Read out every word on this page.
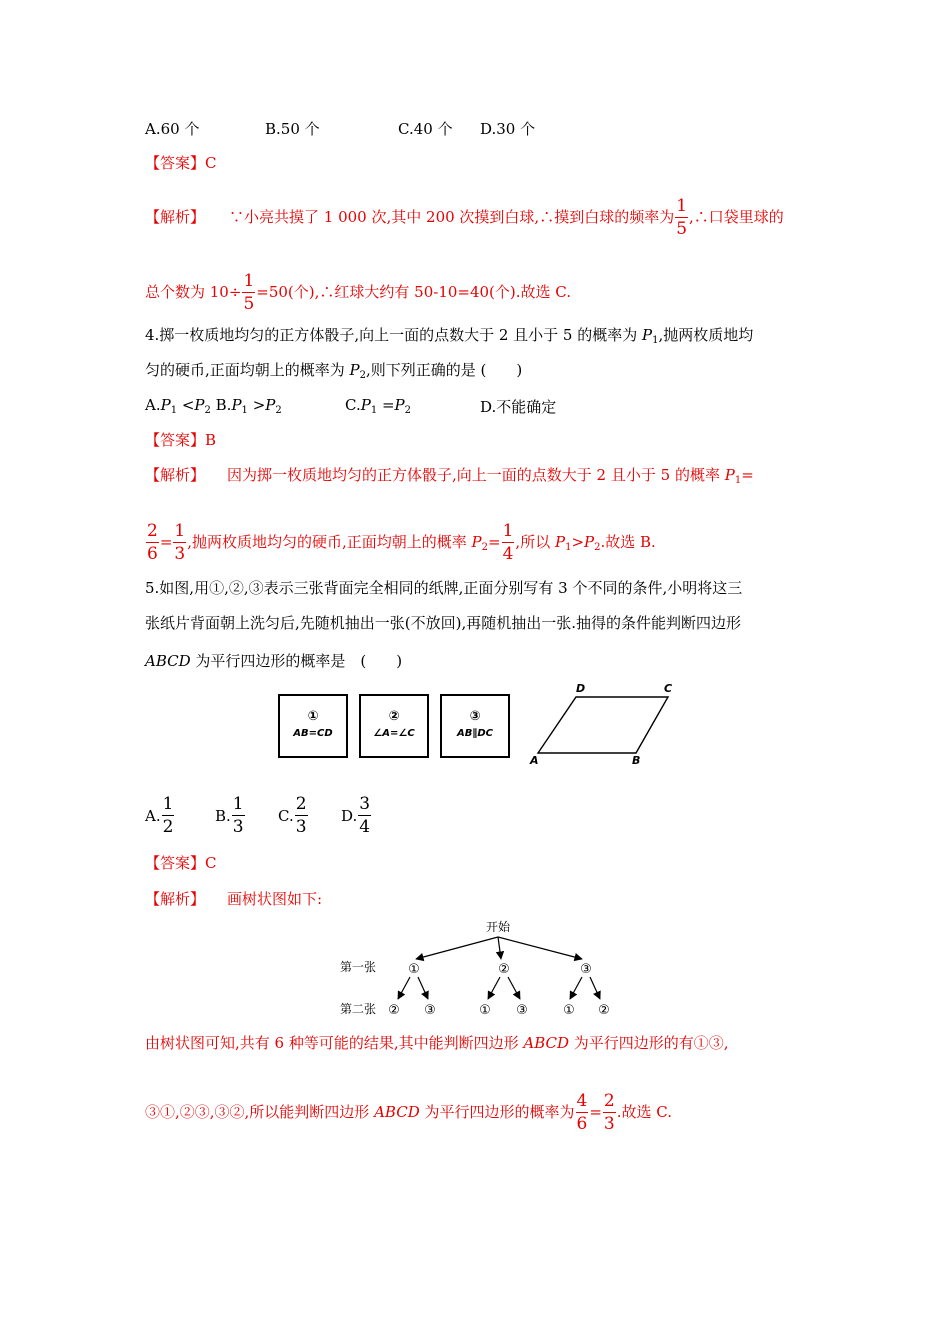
A.60 个	B.50 个	C.40 个 D.30 个
【答案】C
【解析】 ∵小亮共摸了 1 000 次,其中 200 次摸到白球,∴摸到白球的频率为 $\frac{1}{5}$ ,∴口袋里球的
总个数为 $10\div \frac{1}{5} =50$(个),∴红球大约有 50-10=40(个).故选 C.
4.掷一枚质地均匀的正方体骰子,向上一面的点数大于 2 且小于 5 的概率为 $P_1$,抛两枚质地均
匀的硬币,正面均朝上的概率为 $P_2$,则下列正确的是 (　　)
$A.P_1 <P_2$ $B.P_1 >P_2$	$C.P_1 =P_2$	D.不能确定
【答案】B
【解析】 因为掷一枚质地均匀的正方体骰子,向上一面的点数大于 2 且小于 5 的概率 $P_1=$
$\frac{2}{6} = \frac{1}{3}$ ,抛两枚质地均匀的硬币,正面均朝上的概率 $P_2= \frac{1}{4}$ ,所以 $P_1>P_2$.故选 B.
5.如图,用①,②,③表示三张背面完全相同的纸牌,正面分别写有 3 个不同的条件,小明将这三
张纸片背面朝上洗匀后,先随机抽出一张(不放回),再随机抽出一张.抽得的条件能判断四边形
ABCD 为平行四边形的概率是　(　　)
①
AB=CD
②
∠A=∠C
③
AB∥DC
A	B
C
D
A. $\frac{1}{2}$	B. $\frac{1}{3} C$. $\frac{2}{3} D$. $\frac{3}{4}$
【答案】C
【解析】 画树状图如下:
开始
第一张
第二张
①	②	③
② ③	① ③	① ②
由树状图可知,共有 6 种等可能的结果,其中能判断四边形 ABCD 为平行四边形的有①③,
③①,②③,③②,所以能判断四边形 ABCD 为平行四边形的概率为 $\frac{4}{6} = \frac{2}{3}$ .故选 C.
